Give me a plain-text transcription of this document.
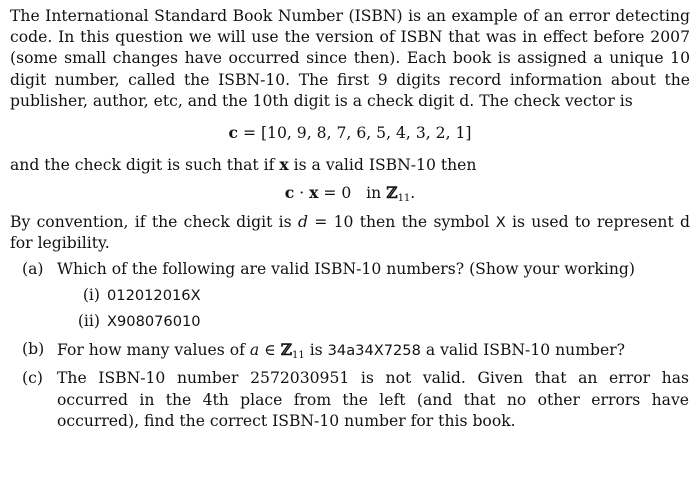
The International Standard Book Number (ISBN) is an example of an error detecting code. In this question we will use the version of ISBN that was in effect before 2007 (some small changes have occurred since then). Each book is assigned a unique 10 digit number, called the ISBN-10. The first 9 digits record information about the publisher, author, etc, and the 10th digit is a check digit d. The check vector is

c = [10, 9, 8, 7, 6, 5, 4, 3, 2, 1]

and the check digit is such that if x is a valid ISBN-10 then

c · x = 0   in ℤ$_{11}$.

By convention, if the check digit is d = 10 then the symbol X is used to represent d for legibility.

(a) Which of the following are valid ISBN-10 numbers? (Show your working)
(i) 012012016X
(ii) X908076010
(b) For how many values of a ∈ ℤ$_{11}$ is 34a34X7258 a valid ISBN-10 number?
(c) The ISBN-10 number 2572030951 is not valid. Given that an error has occurred in the 4th place from the left (and that no other errors have occurred), find the correct ISBN-10 number for this book.
